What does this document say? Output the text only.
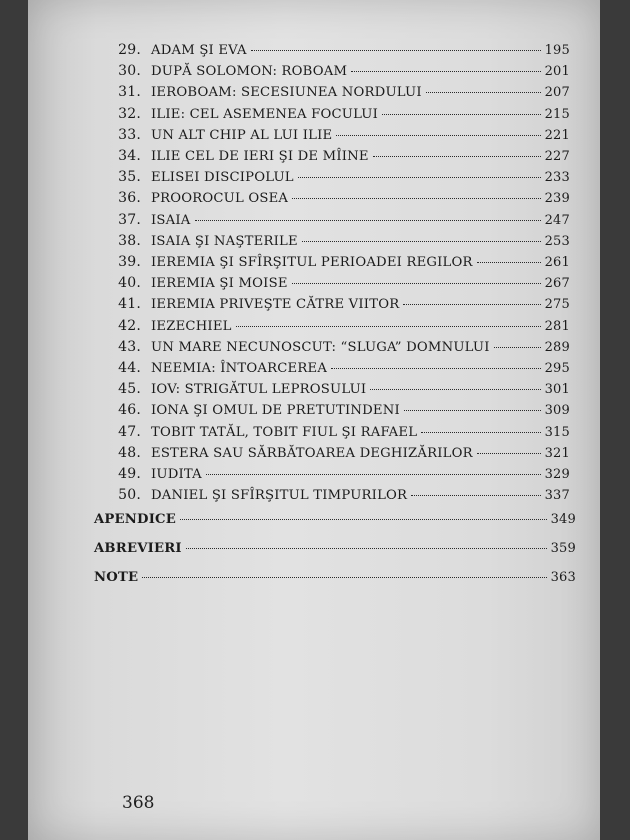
29. ADAM ŞI EVA	195
30. DUPĂ SOLOMON: ROBOAM	201
31. IEROBOAM: SECESIUNEA NORDULUI	207
32. ILIE: CEL ASEMENEA FOCULUI	215
33. UN ALT CHIP AL LUI ILIE	221
34. ILIE CEL DE IERI ŞI DE MÎINE	227
35. ELISEI DISCIPOLUL	233
36. PROOROCUL OSEA	239
37. ISAIA	247
38. ISAIA ŞI NAŞTERILE	253
39. IEREMIA ŞI SFÎRŞITUL PERIOADEI REGILOR	261
40. IEREMIA ŞI MOISE	267
41. IEREMIA PRIVEŞTE CĂTRE VIITOR	275
42. IEZECHIEL	281
43. UN MARE NECUNOSCUT: “SLUGA” DOMNULUI	289
44. NEEMIA: ÎNTOARCEREA	295
45. IOV: STRIGĂTUL LEPROSULUI	301
46. IONA ŞI OMUL DE PRETUTINDENI	309
47. TOBIT TATĂL, TOBIT FIUL ŞI RAFAEL	315
48. ESTERA SAU SĂRBĂTOAREA DEGHIZĂRILOR	321
49. IUDITA	329
50. DANIEL ŞI SFÎRŞITUL TIMPURILOR	337
APENDICE	349
ABREVIERI	359
NOTE	363
368
